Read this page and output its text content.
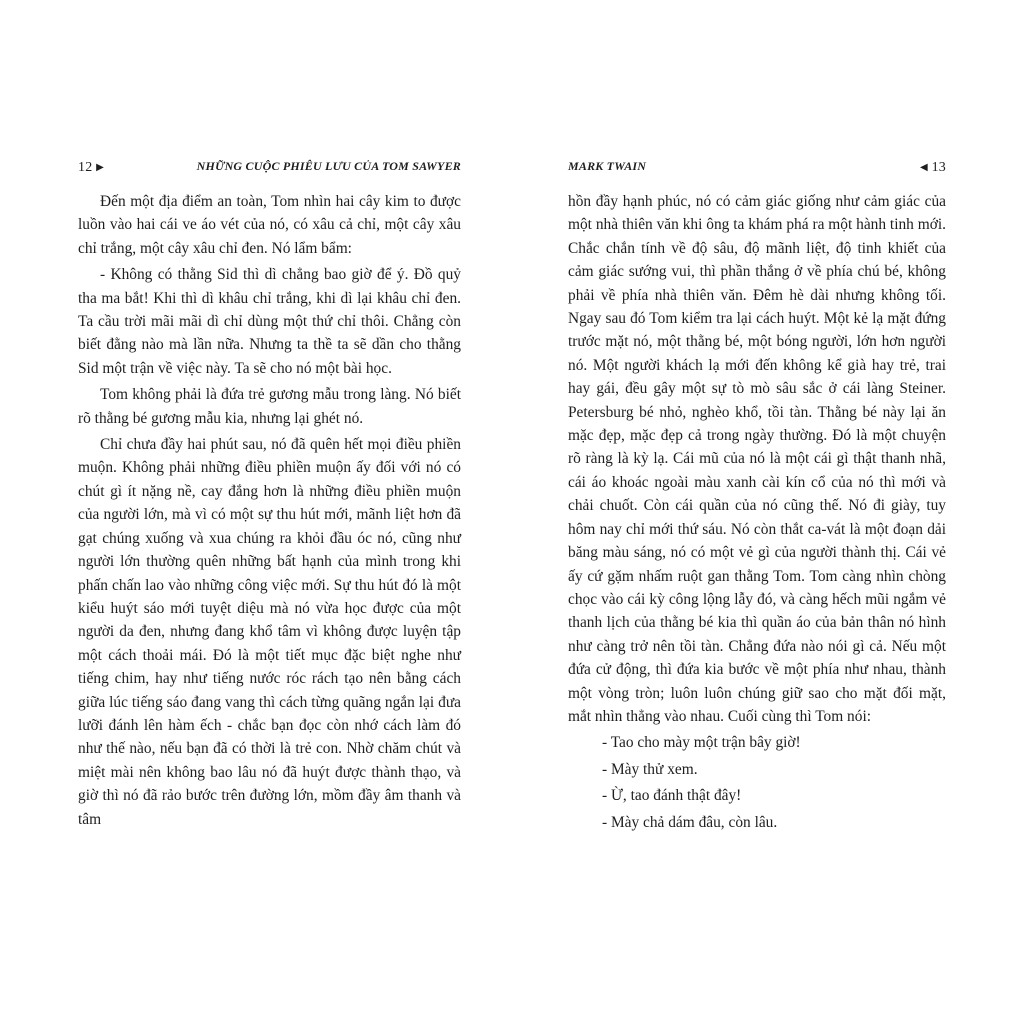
12 ▶	NHỮNG CUỘC PHIÊU LƯU CỦA TOM SAWYER

Đến một địa điểm an toàn, Tom nhìn hai cây kim to được luồn vào hai cái ve áo vét của nó, có xâu cả chỉ, một cây xâu chỉ trắng, một cây xâu chỉ đen. Nó lẩm bẩm:

- Không có thằng Sid thì dì chẳng bao giờ để ý. Đồ quỷ tha ma bắt! Khi thì dì khâu chỉ trắng, khi dì lại khâu chỉ đen. Ta cầu trời mãi mãi dì chỉ dùng một thứ chỉ thôi. Chẳng còn biết đằng nào mà lần nữa. Nhưng ta thề ta sẽ dần cho thằng Sid một trận về việc này. Ta sẽ cho nó một bài học.

Tom không phải là đứa trẻ gương mẫu trong làng. Nó biết rõ thằng bé gương mẫu kia, nhưng lại ghét nó.

Chỉ chưa đầy hai phút sau, nó đã quên hết mọi điều phiền muộn. Không phải những điều phiền muộn ấy đối với nó có chút gì ít nặng nề, cay đắng hơn là những điều phiền muộn của người lớn, mà vì có một sự thu hút mới, mãnh liệt hơn đã gạt chúng xuống và xua chúng ra khỏi đầu óc nó, cũng như người lớn thường quên những bất hạnh của mình trong khi phấn chấn lao vào những công việc mới. Sự thu hút đó là một kiểu huýt sáo mới tuyệt diệu mà nó vừa học được của một người da đen, nhưng đang khổ tâm vì không được luyện tập một cách thoải mái. Đó là một tiết mục đặc biệt nghe như tiếng chim, hay như tiếng nước róc rách tạo nên bằng cách giữa lúc tiếng sáo đang vang thì cách từng quãng ngắn lại đưa lưỡi đánh lên hàm ếch - chắc bạn đọc còn nhớ cách làm đó như thế nào, nếu bạn đã có thời là trẻ con. Nhờ chăm chút và miệt mài nên không bao lâu nó đã huýt được thành thạo, và giờ thì nó đã rảo bước trên đường lớn, mồm đầy âm thanh và tâm

MARK TWAIN	◀ 13

hồn đầy hạnh phúc, nó có cảm giác giống như cảm giác của một nhà thiên văn khi ông ta khám phá ra một hành tinh mới. Chắc chắn tính về độ sâu, độ mãnh liệt, độ tinh khiết của cảm giác sướng vui, thì phần thắng ở về phía chú bé, không phải về phía nhà thiên văn. Đêm hè dài nhưng không tối. Ngay sau đó Tom kiểm tra lại cách huýt. Một kẻ lạ mặt đứng trước mặt nó, một thằng bé, một bóng người, lớn hơn người nó. Một người khách lạ mới đến không kể già hay trẻ, trai hay gái, đều gây một sự tò mò sâu sắc ở cái làng Steiner. Petersburg bé nhỏ, nghèo khổ, tồi tàn. Thằng bé này lại ăn mặc đẹp, mặc đẹp cả trong ngày thường. Đó là một chuyện rõ ràng là kỳ lạ. Cái mũ của nó là một cái gì thật thanh nhã, cái áo khoác ngoài màu xanh cài kín cổ của nó thì mới và chải chuốt. Còn cái quần của nó cũng thế. Nó đi giày, tuy hôm nay chỉ mới thứ sáu. Nó còn thắt ca-vát là một đoạn dải băng màu sáng, nó có một vẻ gì của người thành thị. Cái vẻ ấy cứ gặm nhấm ruột gan thằng Tom. Tom càng nhìn chòng chọc vào cái kỳ công lộng lẫy đó, và càng hếch mũi ngắm vẻ thanh lịch của thằng bé kia thì quần áo của bản thân nó hình như càng trở nên tồi tàn. Chẳng đứa nào nói gì cả. Nếu một đứa cử động, thì đứa kia bước về một phía như nhau, thành một vòng tròn; luôn luôn chúng giữ sao cho mặt đối mặt, mắt nhìn thẳng vào nhau. Cuối cùng thì Tom nói:

- Tao cho mày một trận bây giờ!

- Mày thử xem.

- Ừ, tao đánh thật đây!

- Mày chả dám đâu, còn lâu.
